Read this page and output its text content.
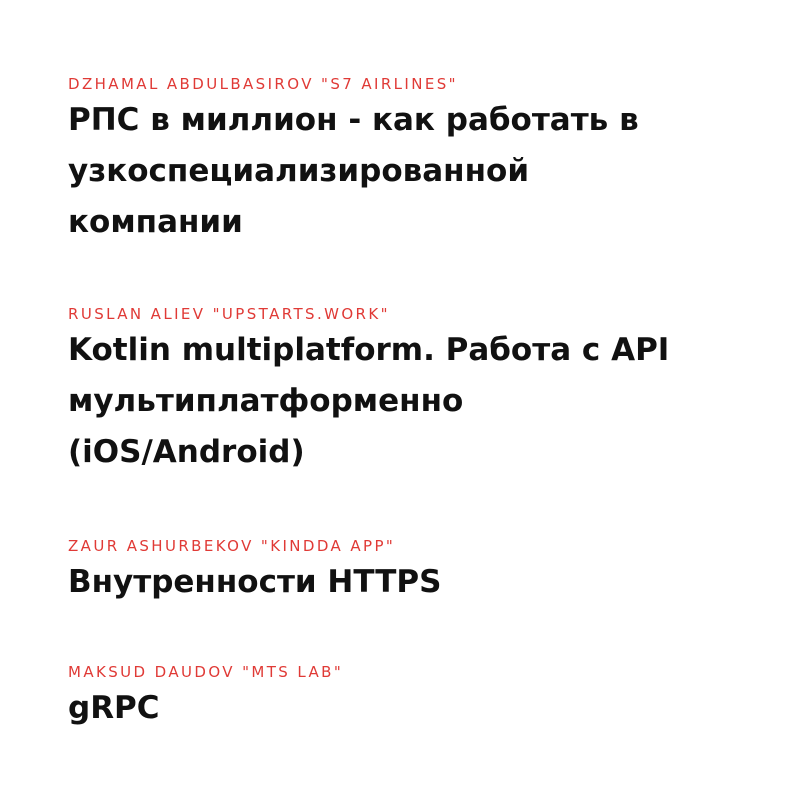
DZHAMAL ABDULBASIROV "S7 AIRLINES"

РПС в миллион - как работать в
узкоспециализированной
компании

RUSLAN ALIEV "UPSTARTS.WORK"

Kotlin multiplatform. Работа с API
мультиплатформенно
(iOS/Android)

ZAUR ASHURBEKOV "KINDDA APP"

Внутренности HTTPS

MAKSUD DAUDOV "MTS LAB"

gRPC
